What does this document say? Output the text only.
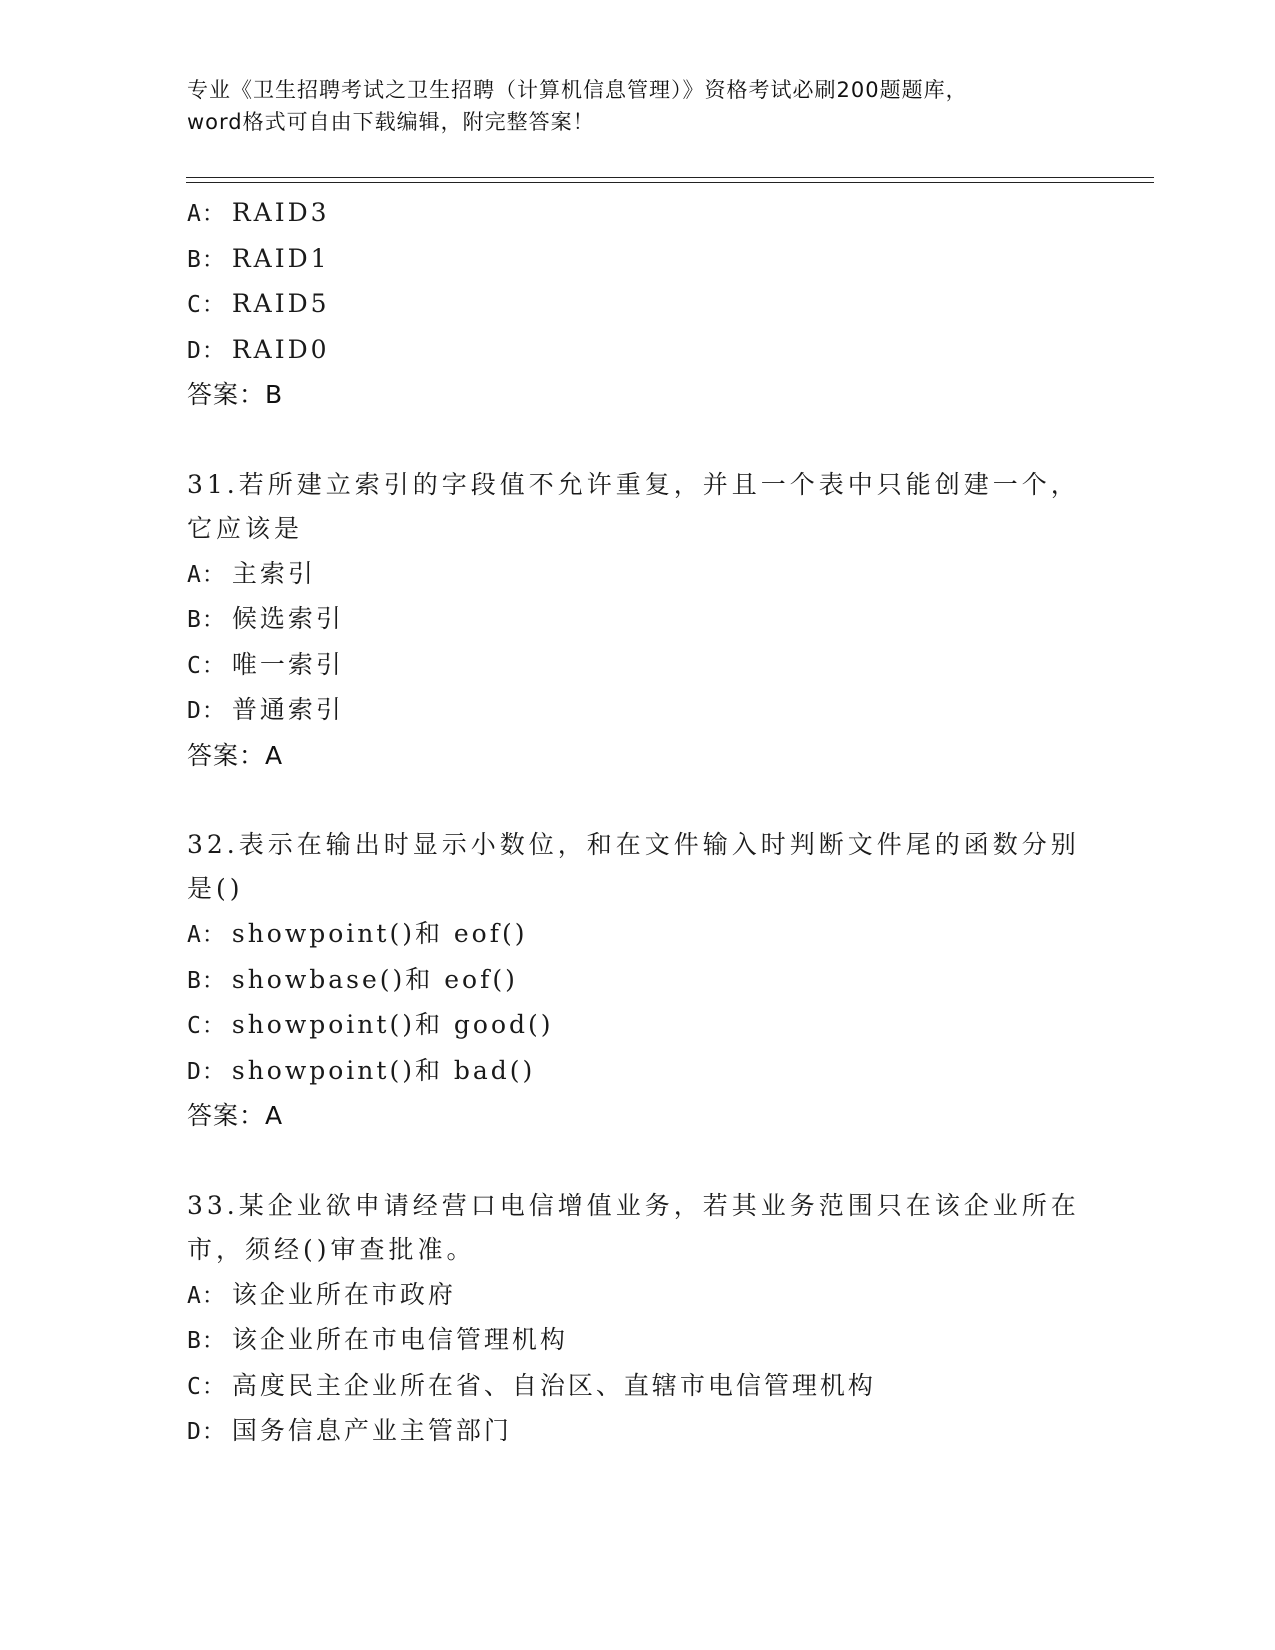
专业《卫生招聘考试之卫生招聘（计算机信息管理）》资格考试必刷200题题库，
word格式可自由下载编辑，附完整答案！
A： RAID3
B： RAID1
C： RAID5
D： RAID0
答案：B
31.若所建立索引的字段值不允许重复，并且一个表中只能创建一个，
它应该是
A： 主索引
B： 候选索引
C： 唯一索引
D： 普通索引
答案：A
32.表示在输出时显示小数位，和在文件输入时判断文件尾的函数分别
是()
A： showpoint()和 eof()
B： showbase()和 eof()
C： showpoint()和 good()
D： showpoint()和 bad()
答案：A
33.某企业欲申请经营口电信增值业务，若其业务范围只在该企业所在
市，须经()审查批准。
A： 该企业所在市政府
B： 该企业所在市电信管理机构
C： 高度民主企业所在省、自治区、直辖市电信管理机构
D： 国务信息产业主管部门
